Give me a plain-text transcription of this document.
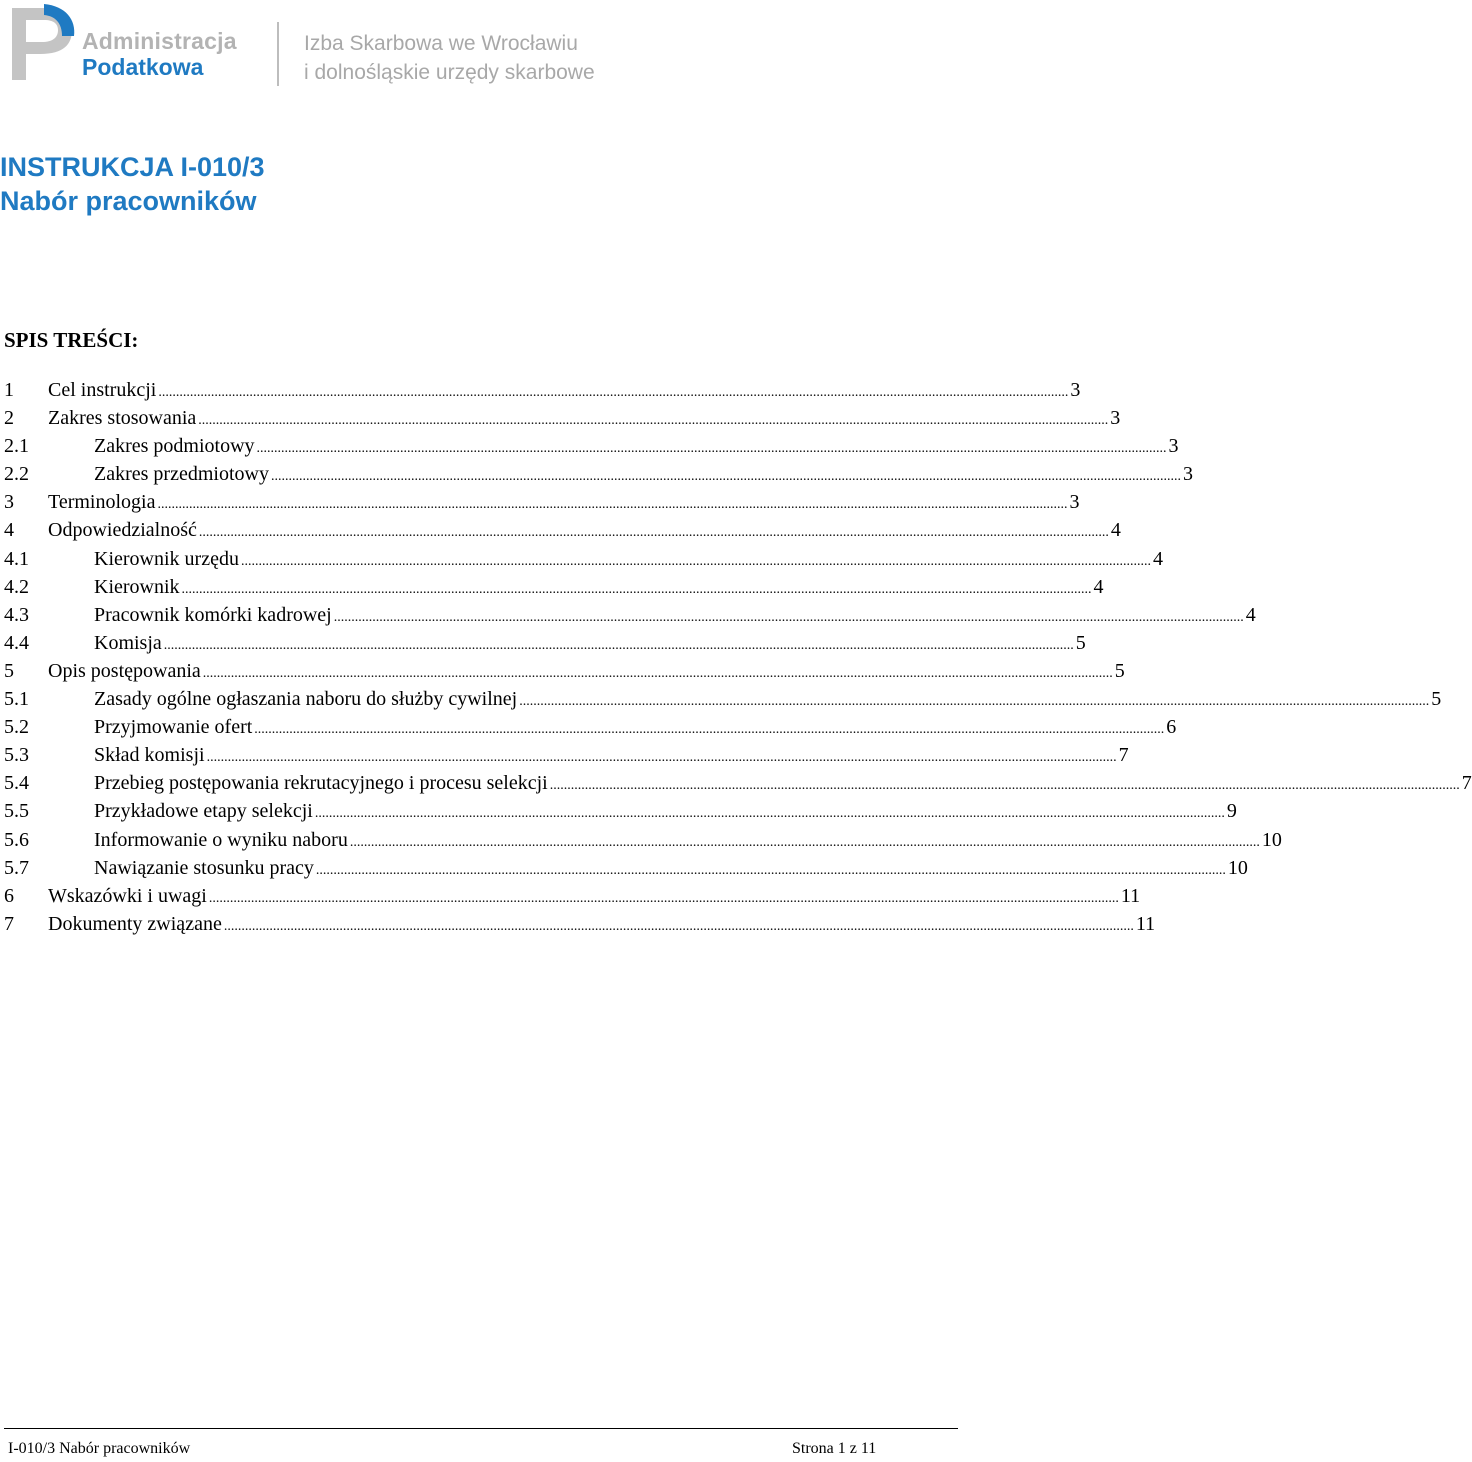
Administracja
Podatkowa
Izba Skarbowa we Wrocławiu
i dolnośląskie urzędy skarbowe
INSTRUKCJA I-010/3
Nabór pracowników
SPIS TREŚCI:
1	Cel instrukcji .................................................................................................................................................................................................................................................................... 3
2	Zakres stosowania .................................................................................................................................................................................................................................................................... 3
2.1	Zakres podmiotowy .................................................................................................................................................................................................................................................................... 3
2.2	Zakres przedmiotowy .................................................................................................................................................................................................................................................................... 3
3	Terminologia .................................................................................................................................................................................................................................................................... 3
4	Odpowiedzialność .................................................................................................................................................................................................................................................................... 4
4.1	Kierownik urzędu .................................................................................................................................................................................................................................................................... 4
4.2	Kierownik .................................................................................................................................................................................................................................................................... 4
4.3	Pracownik komórki kadrowej .................................................................................................................................................................................................................................................................... 4
4.4	Komisja .................................................................................................................................................................................................................................................................... 5
5	Opis postępowania .................................................................................................................................................................................................................................................................... 5
5.1	Zasady ogólne ogłaszania naboru do służby cywilnej .................................................................................................................................................................................................................................................................... 5
5.2	Przyjmowanie ofert .................................................................................................................................................................................................................................................................... 6
5.3	Skład komisji .................................................................................................................................................................................................................................................................... 7
5.4	Przebieg postępowania rekrutacyjnego i procesu selekcji .................................................................................................................................................................................................................................................................... 7
5.5	Przykładowe etapy selekcji .................................................................................................................................................................................................................................................................... 9
5.6	Informowanie o wyniku naboru .................................................................................................................................................................................................................................................................... 10
5.7	Nawiązanie stosunku pracy .................................................................................................................................................................................................................................................................... 10
6	Wskazówki i uwagi .................................................................................................................................................................................................................................................................... 11
7	Dokumenty związane .................................................................................................................................................................................................................................................................... 11
I-010/3 Nabór pracowników	Strona 1 z 11
